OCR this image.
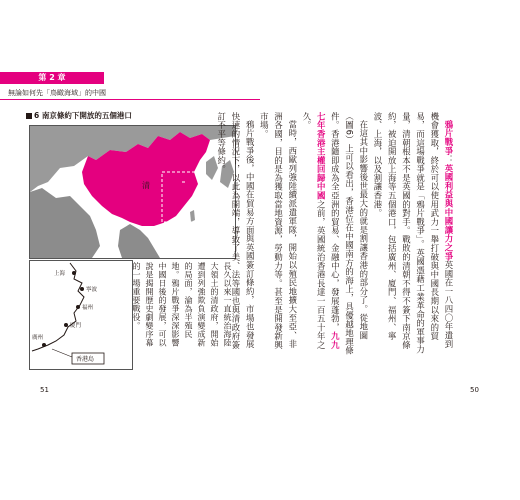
第 2 章
無論如何先「鳥瞰海域」的中國
6 南京條約下開放的五個港口
清
上海
寧波
福州
廈門
廣州
香港島
長久以來一直統治海陸大領土的清政府，開始遭到列強欺負演變成新的局面，淪為半殖民地。鴉片戰爭深深影響中國日後的發展，可以說是揭開歷史劇變序幕的一場重要戰役。

鴉片戰爭：英國利益與中國讓力之爭英國在一八四〇年遣到機會獲取，終於可以使用武力一舉打破與中國長期以來的貿易，而這場戰爭就是「鴉片戰爭」。英國憑藉工業革命的軍事力量，清朝根本不是英國的對手。戰敗的清朝不得不簽下南京條約，被迫開放上海等五個港口，包括廣州、廈門、福州、寧波、上海，以及割讓香港。

在這其中影響後世最大的就是割讓香港的部分了。從地圖（圖6）上可以看出，香港位在中國南方的海上，具優越地理條件。香港隨即成為全亞洲的貿易、金融中心，發展蓬勃，九九七年香港主權回歸中國之前，英國統治香港長達一百五十年之久。

當時，西歐列強陸續派遣軍隊，開始以殖民地擴大至亞、非洲各國，目的是為獲取當地資源，勞動力等。甚至是開發新興市場。

鴉片戰爭後，中國在貿易方面與英國簽訂條約，市場也發展快速的情況下，以此為開端，導致了美、法等國也與清政府簽訂不平等條約。

51	50
